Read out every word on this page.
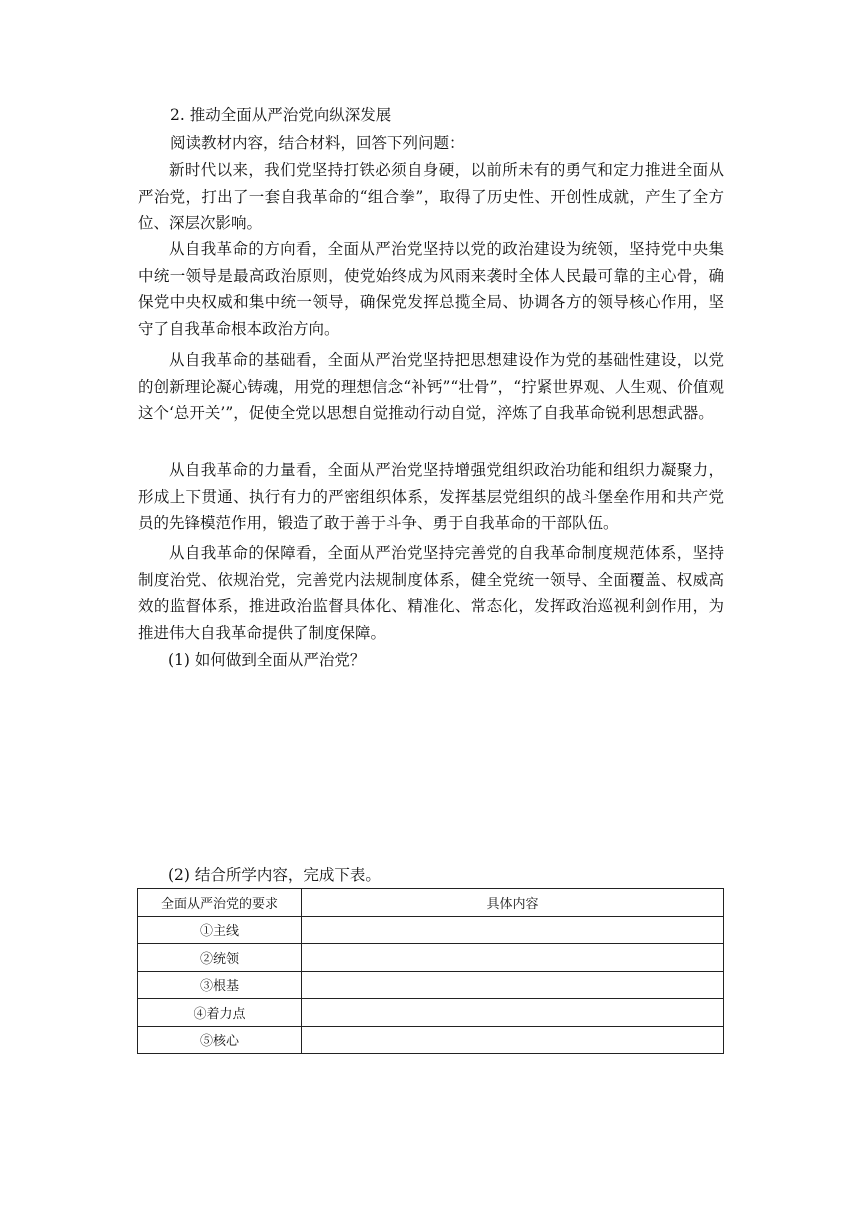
2. 推动全面从严治党向纵深发展
阅读教材内容，结合材料，回答下列问题：
新时代以来，我们党坚持打铁必须自身硬，以前所未有的勇气和定力推进全面从严治党，打出了一套自我革命的“组合拳”，取得了历史性、开创性成就，产生了全方位、深层次影响。
从自我革命的方向看，全面从严治党坚持以党的政治建设为统领，坚持党中央集中统一领导是最高政治原则，使党始终成为风雨来袭时全体人民最可靠的主心骨，确保党中央权威和集中统一领导，确保党发挥总揽全局、协调各方的领导核心作用，坚守了自我革命根本政治方向。
从自我革命的基础看，全面从严治党坚持把思想建设作为党的基础性建设，以党的创新理论凝心铸魂，用党的理想信念“补钙”“壮骨”，“拧紧世界观、人生观、价值观这个‘总开关’”，促使全党以思想自觉推动行动自觉，淬炼了自我革命锐利思想武器。
从自我革命的力量看，全面从严治党坚持增强党组织政治功能和组织力凝聚力，形成上下贯通、执行有力的严密组织体系，发挥基层党组织的战斗堡垒作用和共产党员的先锋模范作用，锻造了敢于善于斗争、勇于自我革命的干部队伍。
从自我革命的保障看，全面从严治党坚持完善党的自我革命制度规范体系，坚持制度治党、依规治党，完善党内法规制度体系，健全党统一领导、全面覆盖、权威高效的监督体系，推进政治监督具体化、精准化、常态化，发挥政治巡视利剑作用，为推进伟大自我革命提供了制度保障。
(1) 如何做到全面从严治党？
(2) 结合所学内容，完成下表。
全面从严治党的要求	具体内容
①主线	
②统领	
③根基	
④着力点	
⑤核心	
